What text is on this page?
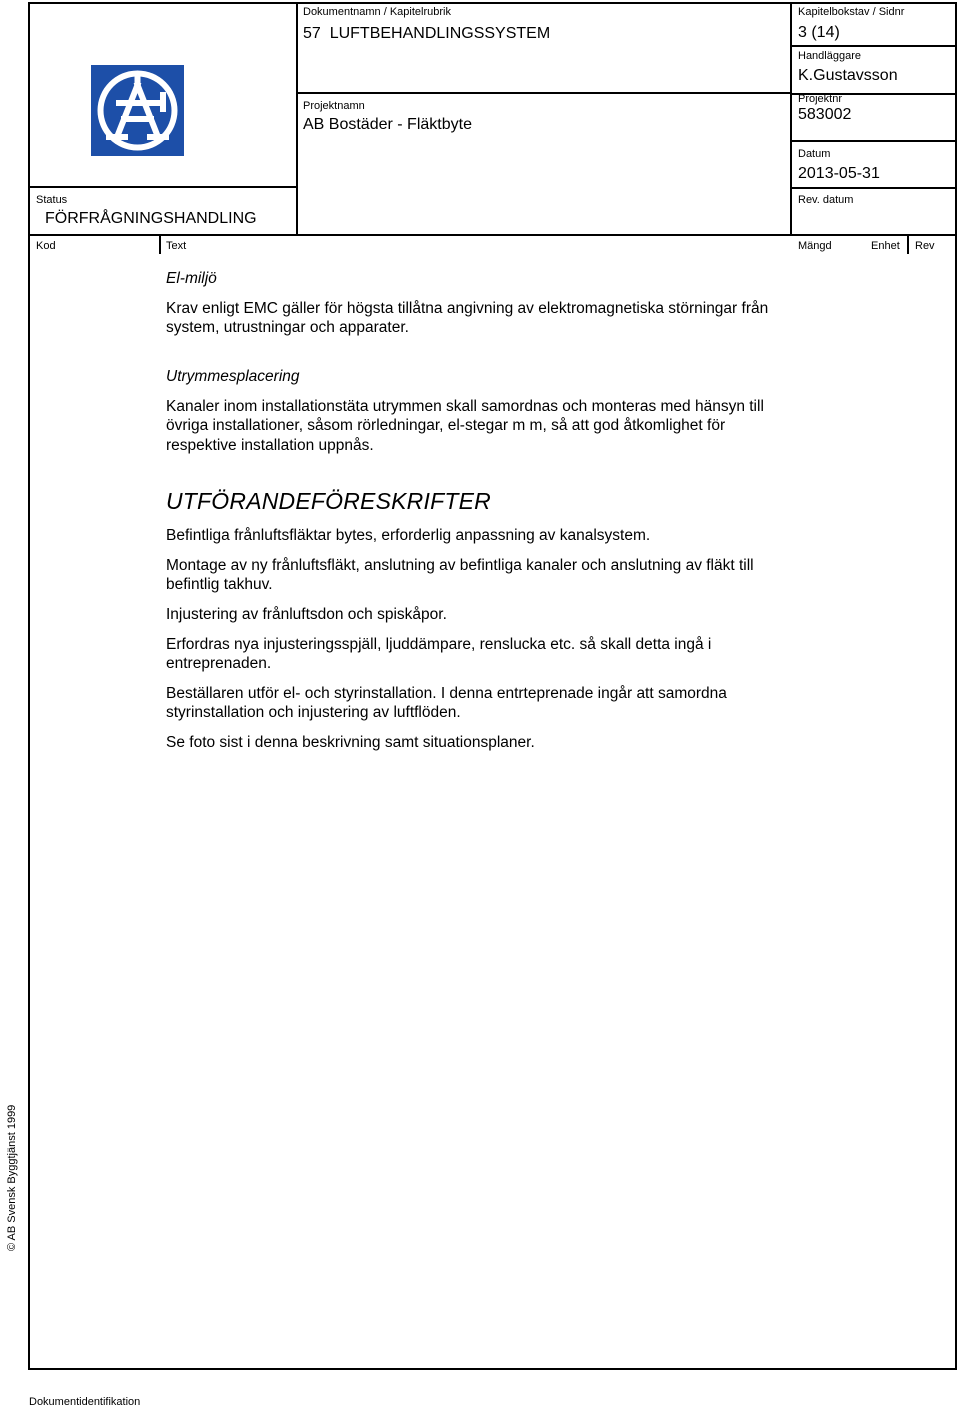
Dokumentnamn / Kapitelrubrik
57  LUFTBEHANDLINGSSYSTEM
Projektnamn
AB Bostäder - Fläktbyte
Kapitelbokstav / Sidnr
3 (14)
Handläggare
K.Gustavsson
Projektnr
583002
Datum
2013-05-31
Rev. datum
Status
FÖRFRÅGNINGSHANDLING
Kod	Text	Mängd	Enhet Rev
El-miljö
Krav enligt EMC gäller för högsta tillåtna angivning av elektromagnetiska störningar från system, utrustningar och apparater.
Utrymmesplacering
Kanaler inom installationstäta utrymmen skall samordnas och monteras med hänsyn till övriga installationer, såsom rörledningar, el-stegar m m, så att god åtkomlighet för respektive installation uppnås.
UTFÖRANDEFÖRESKRIFTER
Befintliga frånluftsfläktar bytes, erforderlig anpassning av kanalsystem.
Montage av ny frånluftsfläkt, anslutning av befintliga kanaler och anslutning av fläkt till befintlig takhuv.
Injustering av frånluftsdon och spiskåpor.
Erfordras nya injusteringsspjäll, ljuddämpare, renslucka etc. så skall detta ingå i entreprenaden.
Beställaren utför el- och styrinstallation. I denna entrteprenade ingår att samordna styrinstallation och injustering av luftflöden.
Se foto sist i denna beskrivning samt situationsplaner.
© AB Svensk Byggtjänst 1999
Dokumentidentifikation
